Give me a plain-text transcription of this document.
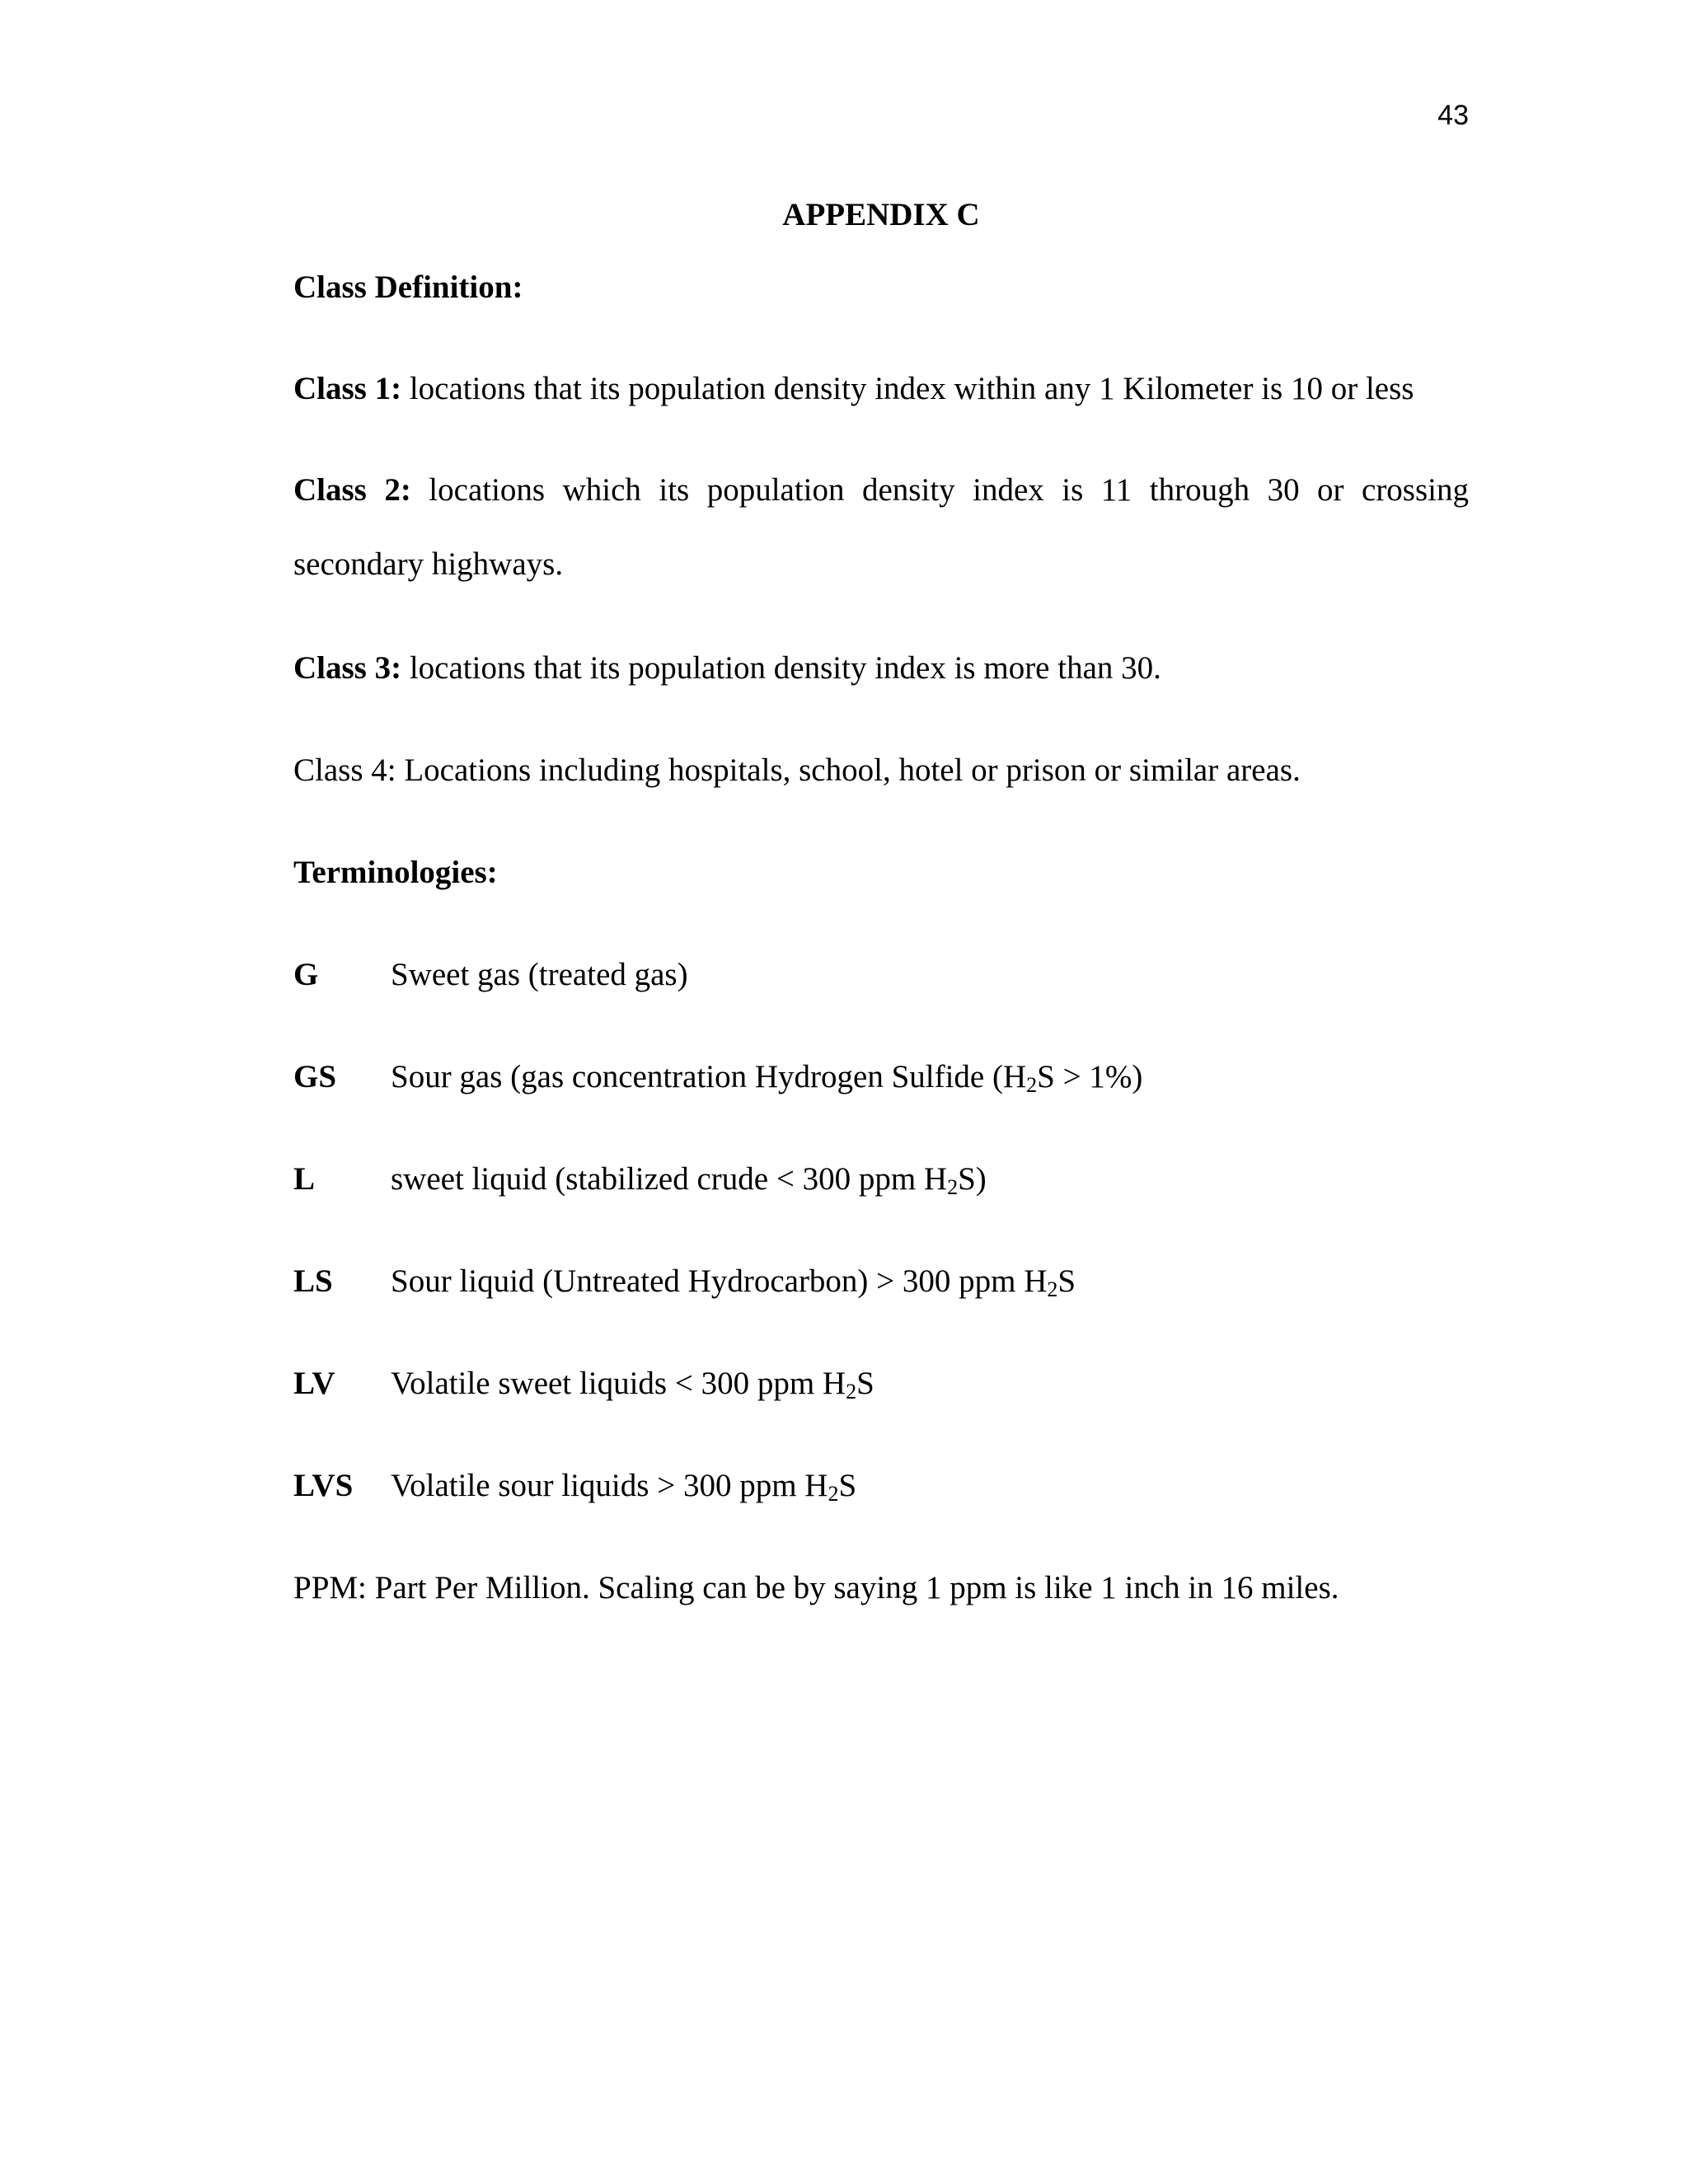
43
APPENDIX C
Class Definition:
Class 1: locations that its population density index within any 1 Kilometer is 10 or less
Class 2: locations which its population density index is 11 through 30 or crossing
secondary highways.
Class 3: locations that its population density index is more than 30.
Class 4: Locations including hospitals, school, hotel or prison or similar areas.
Terminologies:
G Sweet gas (treated gas)
GS Sour gas (gas concentration Hydrogen Sulfide $(H_2S > 1\%)$
L sweet liquid (stabilized crude < 300 ppm $H_2S$)
LS Sour liquid (Untreated Hydrocarbon) > 300 ppm $H_2S$
LV Volatile sweet liquids < 300 ppm $H_2S$
LVS Volatile sour liquids > 300 ppm $H_2S$
PPM: Part Per Million. Scaling can be by saying 1 ppm is like 1 inch in 16 miles.
